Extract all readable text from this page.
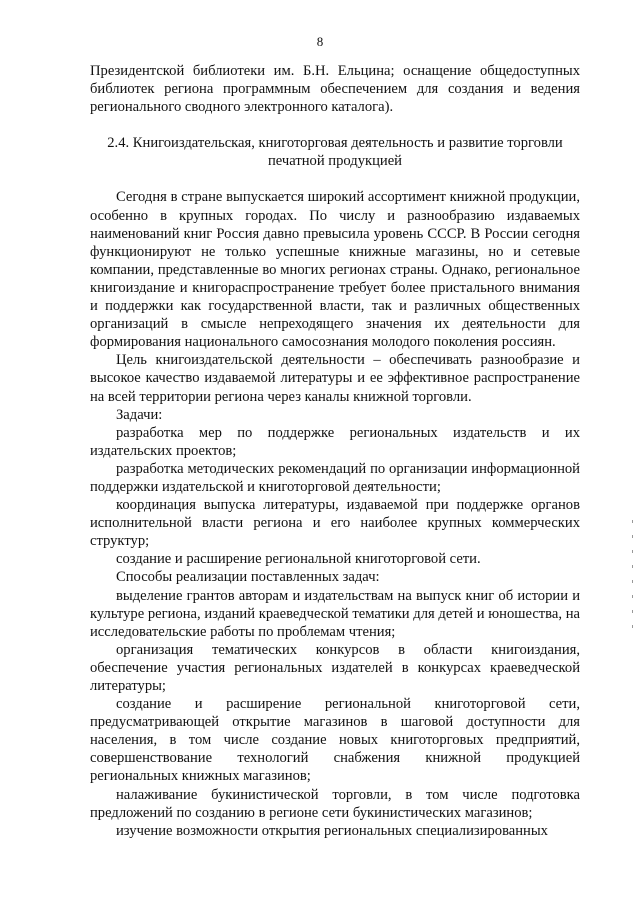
8

Президентской библиотеки им. Б.Н. Ельцина; оснащение общедоступных библиотек региона программным обеспечением для создания и ведения регионального сводного электронного каталога).

2.4. Книгоиздательская, книготорговая деятельность и развитие торговли печатной продукцией

Сегодня в стране выпускается широкий ассортимент книжной продукции, особенно в крупных городах. По числу и разнообразию издаваемых наименований книг Россия давно превысила уровень СССР. В России сегодня функционируют не только успешные книжные магазины, но и сетевые компании, представленные во многих регионах страны. Однако, региональное книгоиздание и книгораспространение требует более пристального внимания и поддержки как государственной власти, так и различных общественных организаций в смысле непреходящего значения их деятельности для формирования национального самосознания молодого поколения россиян.

Цель книгоиздательской деятельности – обеспечивать разнообразие и высокое качество издаваемой литературы и ее эффективное распространение на всей территории региона через каналы книжной торговли.

Задачи:

разработка мер по поддержке региональных издательств и их издательских проектов;

разработка методических рекомендаций по организации информационной поддержки издательской и книготорговой деятельности;

координация выпуска литературы, издаваемой при поддержке органов исполнительной власти региона и его наиболее крупных коммерческих структур;

создание и расширение региональной книготорговой сети.

Способы реализации поставленных задач:

выделение грантов авторам и издательствам на выпуск книг об истории и культуре региона, изданий краеведческой тематики для детей и юношества, на исследовательские работы по проблемам чтения;

организация тематических конкурсов в области книгоиздания, обеспечение участия региональных издателей в конкурсах краеведческой литературы;

создание и расширение региональной книготорговой сети, предусматривающей открытие магазинов в шаговой доступности для населения, в том числе создание новых книготорговых предприятий, совершенствование технологий снабжения книжной продукцией региональных книжных магазинов;

налаживание букинистической торговли, в том числе подготовка предложений по созданию в регионе сети букинистических магазинов;

изучение возможности открытия региональных специализированных
